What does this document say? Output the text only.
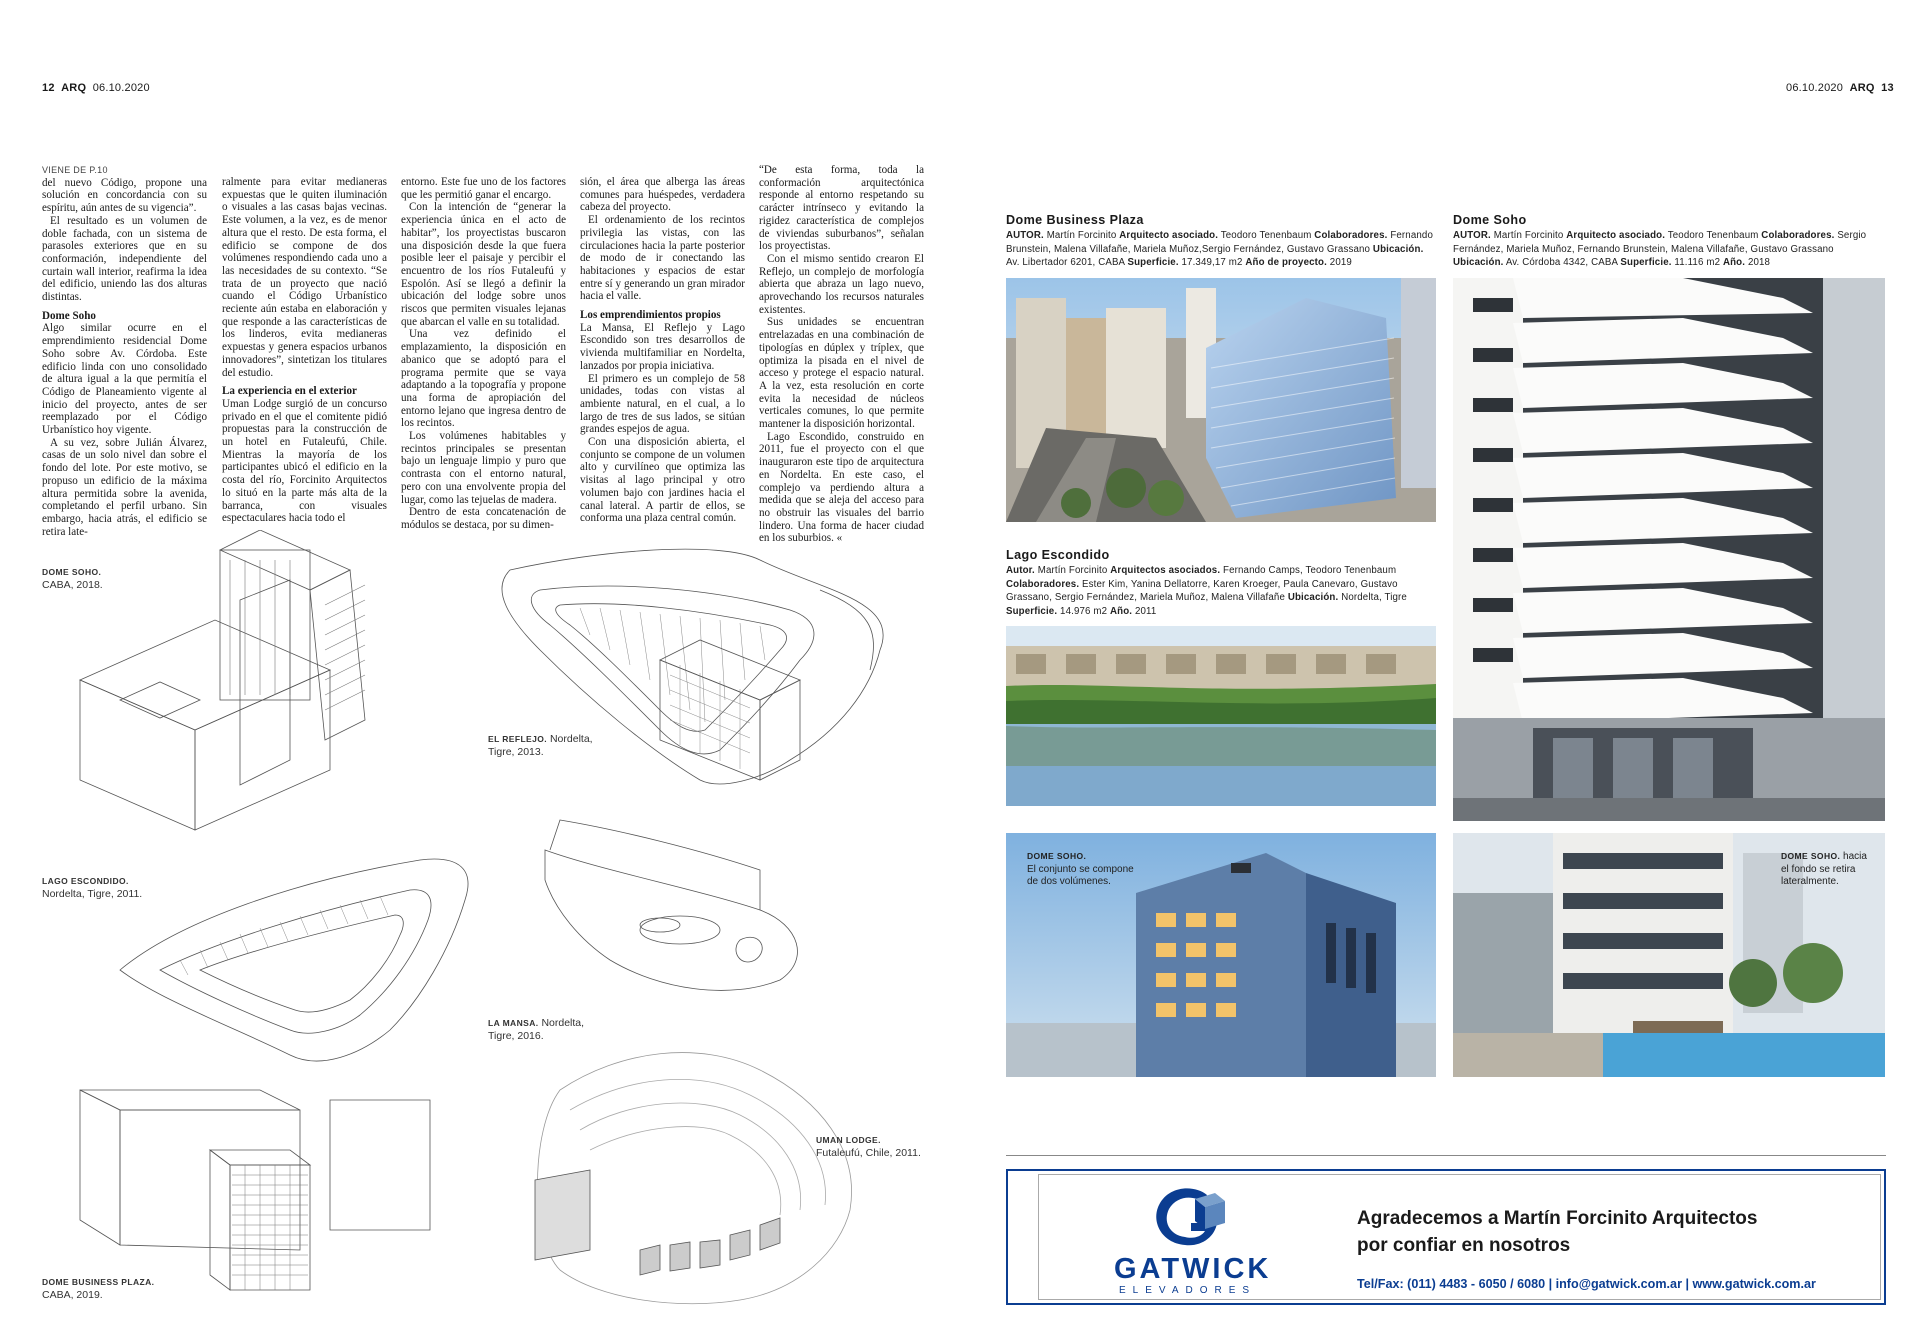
12 ARQ 06.10.2020
VIENE DE P.10

del nuevo Código, propone una solución en concordancia con su espíritu, aún antes de su vigencia”.

El resultado es un volumen de doble fachada, con un sistema de parasoles exteriores que en su conformación, independiente del curtain wall interior, reafirma la idea del edificio, uniendo las dos alturas distintas.

Dome Soho

Algo similar ocurre en el emprendimiento residencial Dome Soho sobre Av. Córdoba. Este edificio linda con uno consolidado de altura igual a la que permitía el Código de Planeamiento vigente al inicio del proyecto, antes de ser reemplazado por el Código Urbanístico hoy vigente.

A su vez, sobre Julián Álvarez, casas de un solo nivel dan sobre el fondo del lote. Por este motivo, se propuso un edificio de la máxima altura permitida sobre la avenida, completando el perfil urbano. Sin embargo, hacia atrás, el edificio se retira late-

ralmente para evitar medianeras expuestas que le quiten iluminación o visuales a las casas bajas vecinas. Este volumen, a la vez, es de menor altura que el resto. De esta forma, el edificio se compone de dos volúmenes respondiendo cada uno a las necesidades de su contexto. “Se trata de un proyecto que nació cuando el Código Urbanístico reciente aún estaba en elaboración y que responde a las características de los linderos, evita medianeras expuestas y genera espacios urbanos innovadores”, sintetizan los titulares del estudio.

La experiencia en el exterior

Uman Lodge surgió de un concurso privado en el que el comitente pidió propuestas para la construcción de un hotel en Futaleufú, Chile. Mientras la mayoría de los participantes ubicó el edificio en la costa del río, Forcinito Arquitectos lo situó en la parte más alta de la barranca, con visuales espectaculares hacia todo el

entorno. Este fue uno de los factores que les permitió ganar el encargo.

Con la intención de “generar la experiencia única en el acto de habitar”, los proyectistas buscaron una disposición desde la que fuera posible leer el paisaje y percibir el encuentro de los ríos Futaleufú y Espolón. Así se llegó a definir la ubicación del lodge sobre unos riscos que permiten visuales lejanas que abarcan el valle en su totalidad.

Una vez definido el emplazamiento, la disposición en abanico que se adoptó para el programa permite que se vaya adaptando a la topografía y propone una forma de apropiación del entorno lejano que ingresa dentro de los recintos.

Los volúmenes habitables y recintos principales se presentan bajo un lenguaje limpio y puro que contrasta con el entorno natural, pero con una envolvente propia del lugar, como las tejuelas de madera.

Dentro de esta concatenación de módulos se destaca, por su dimen-

sión, el área que alberga las áreas comunes para huéspedes, verdadera cabeza del proyecto.

El ordenamiento de los recintos privilegia las vistas, con las circulaciones hacia la parte posterior de modo de ir conectando las habitaciones y espacios de estar entre sí y generando un gran mirador hacia el valle.

Los emprendimientos propios

La Mansa, El Reflejo y Lago Escondido son tres desarrollos de vivienda multifamiliar en Nordelta, lanzados por propia iniciativa.

El primero es un complejo de 58 unidades, todas con vistas al ambiente natural, en el cual, a lo largo de tres de sus lados, se sitúan grandes espejos de agua.

Con una disposición abierta, el conjunto se compone de un volumen alto y curvilíneo que optimiza las visitas al lago principal y otro volumen bajo con jardines hacia el canal lateral. A partir de ellos, se conforma una plaza central común.

“De esta forma, toda la conformación arquitectónica responde al entorno respetando su carácter intrínseco y evitando la rigidez característica de complejos de viviendas suburbanos”, señalan los proyectistas.

Con el mismo sentido crearon El Reflejo, un complejo de morfología abierta que abraza un lago nuevo, aprovechando los recursos naturales existentes.

Sus unidades se encuentran entrelazadas en una combinación de tipologías en dúplex y tríplex, que optimiza la pisada en el nivel de acceso y protege el espacio natural. A la vez, esta resolución en corte evita la necesidad de núcleos verticales comunes, lo que permite mantener la disposición horizontal.

Lago Escondido, construido en 2011, fue el proyecto con el que inauguraron este tipo de arquitectura en Nordelta. En este caso, el complejo va perdiendo altura a medida que se aleja del acceso para no obstruir las visuales del barrio lindero. Una forma de hacer ciudad en los suburbios. «

DOME SOHO.
CABA, 2018.
EL REFLEJO. Nordelta,
Tigre, 2013.
LAGO ESCONDIDO.
Nordelta, Tigre, 2011.
LA MANSA. Nordelta,
Tigre, 2016.
UMAN LODGE.
Futaleufú, Chile, 2011.
DOME BUSINESS PLAZA.
CABA, 2019.
06.10.2020 ARQ 13
Dome Business Plaza
AUTOR. Martín Forcinito Arquitecto asociado. Teodoro Tenenbaum Colaboradores. Fernando Brunstein, Malena Villafañe, Mariela Muñoz,Sergio Fernández, Gustavo Grassano Ubicación. Av. Libertador 6201, CABA Superficie. 17.349,17 m2 Año de proyecto. 2019
Dome Soho
AUTOR. Martín Forcinito Arquitecto asociado. Teodoro Tenenbaum Colaboradores. Sergio Fernández, Mariela Muñoz, Fernando Brunstein, Malena Villafañe, Gustavo Grassano Ubicación. Av. Córdoba 4342, CABA Superficie. 11.116 m2 Año. 2018
Lago Escondido
Autor. Martín Forcinito Arquitectos asociados. Fernando Camps, Teodoro Tenenbaum Colaboradores. Ester Kim, Yanina Dellatorre, Karen Kroeger, Paula Canevaro, Gustavo Grassano, Sergio Fernández, Mariela Muñoz, Malena Villafañe Ubicación. Nordelta, Tigre Superficie. 14.976 m2 Año. 2011
DOME SOHO.
El conjunto se compone de dos volúmenes.
DOME SOHO. hacia el fondo se retira lateralmente.
GATWICK
ELEVADORES
Agradecemos a Martín Forcinito Arquitectos
por confiar en nosotros
Tel/Fax: (011) 4483 - 6050 / 6080 | info@gatwick.com.ar | www.gatwick.com.ar
